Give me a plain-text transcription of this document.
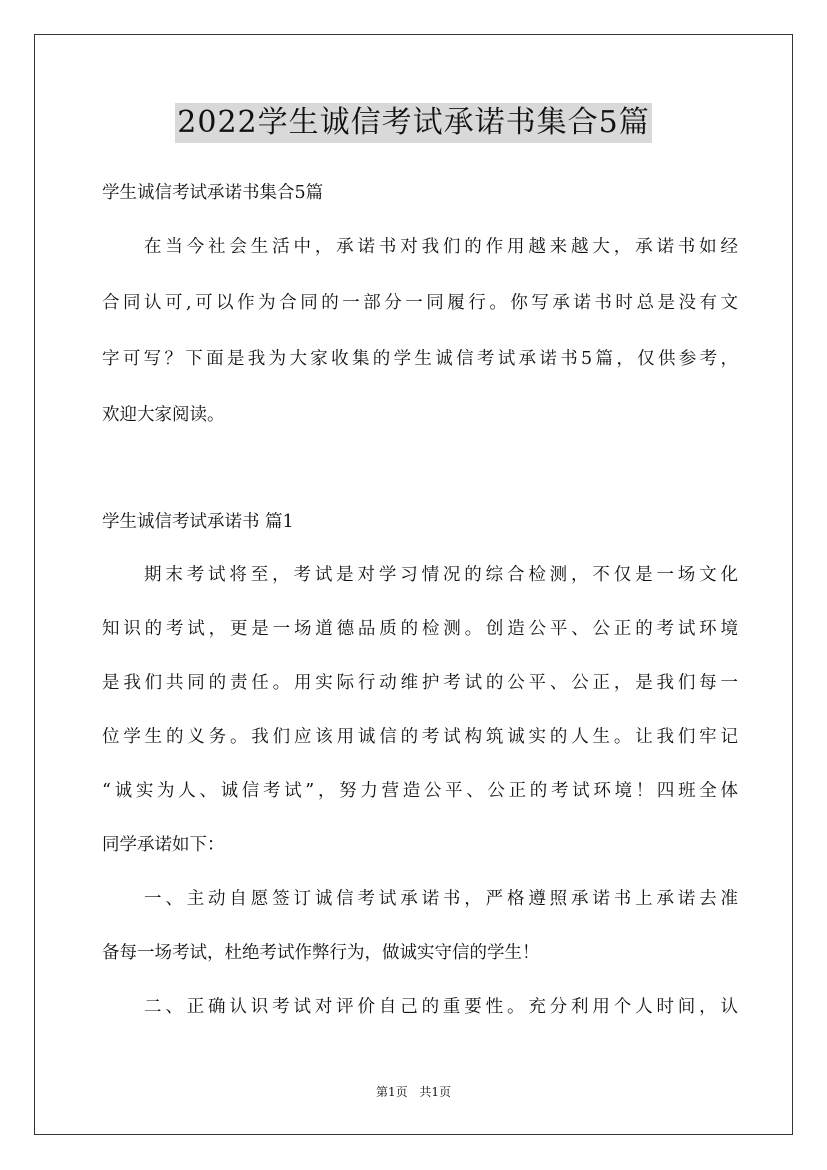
2022学生诚信考试承诺书集合5篇
学生诚信考试承诺书集合5篇
在当今社会生活中，承诺书对我们的作用越来越大，承诺书如经
合同认可,可以作为合同的一部分一同履行。你写承诺书时总是没有文
字可写？下面是我为大家收集的学生诚信考试承诺书5篇，仅供参考，
欢迎大家阅读。
学生诚信考试承诺书 篇1
期末考试将至，考试是对学习情况的综合检测，不仅是一场文化
知识的考试，更是一场道德品质的检测。创造公平、公正的考试环境
是我们共同的责任。用实际行动维护考试的公平、公正，是我们每一
位学生的义务。我们应该用诚信的考试构筑诚实的人生。让我们牢记
“诚实为人、诚信考试”，努力营造公平、公正的考试环境！四班全体
同学承诺如下：
一、主动自愿签订诚信考试承诺书，严格遵照承诺书上承诺去准
备每一场考试，杜绝考试作弊行为，做诚实守信的学生！
二、正确认识考试对评价自己的重要性。充分利用个人时间，认
第1页 共1页
